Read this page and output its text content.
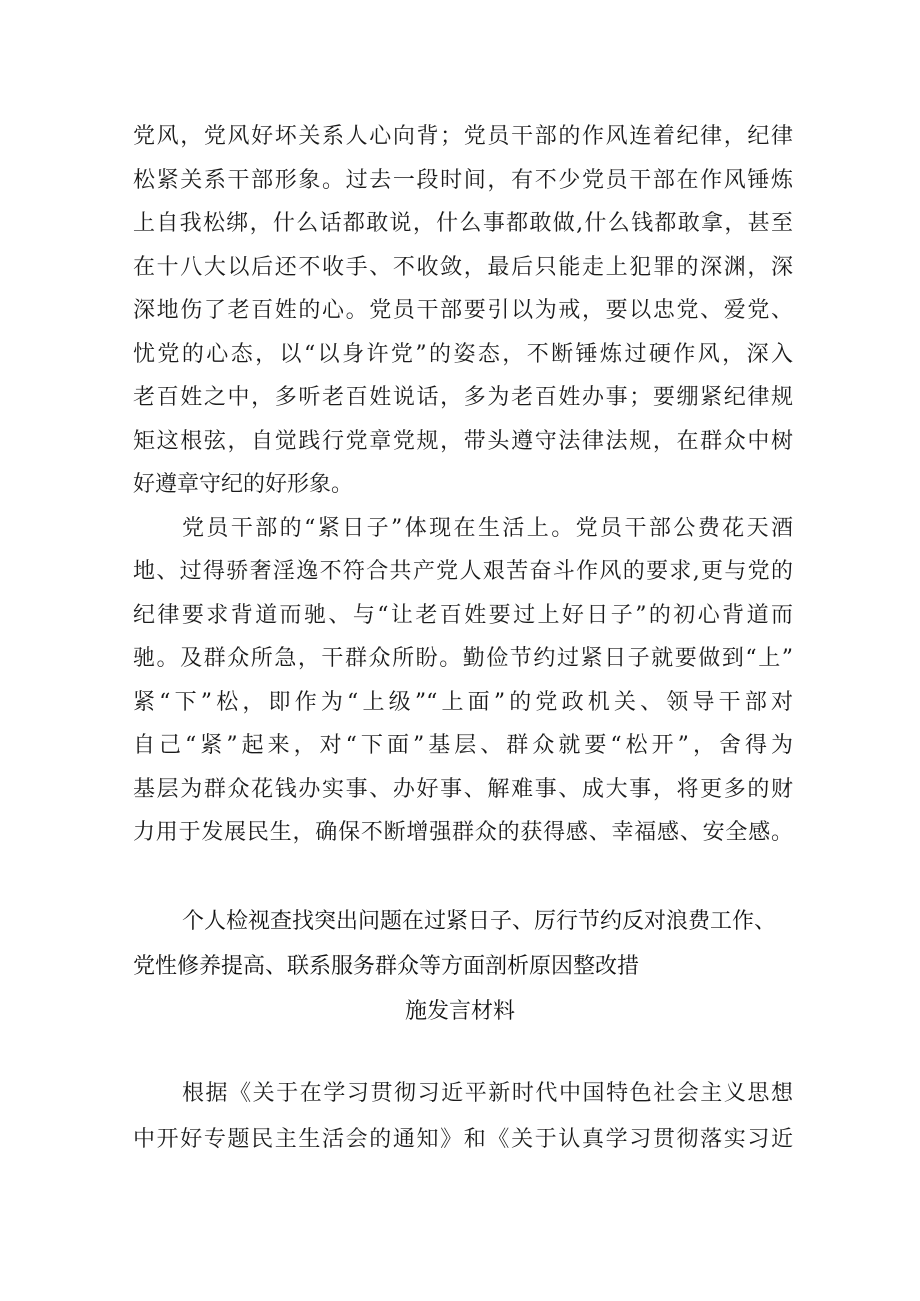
党风，党风好坏关系人心向背；党员干部的作风连着纪律，纪律

松紧关系干部形象。过去一段时间，有不少党员干部在作风锤炼

上自我松绑，什么话都敢说，什么事都敢做,什么钱都敢拿，甚至

在十八大以后还不收手、不收敛，最后只能走上犯罪的深渊，深

深地伤了老百姓的心。党员干部要引以为戒，要以忠党、爱党、

忧党的心态，以“以身许党”的姿态，不断锤炼过硬作风，深入

老百姓之中，多听老百姓说话，多为老百姓办事；要绷紧纪律规

矩这根弦，自觉践行党章党规，带头遵守法律法规，在群众中树

好遵章守纪的好形象。

党员干部的“紧日子”体现在生活上。党员干部公费花天酒

地、过得骄奢淫逸不符合共产党人艰苦奋斗作风的要求,更与党的

纪律要求背道而驰、与“让老百姓要过上好日子”的初心背道而

驰。及群众所急，干群众所盼。勤俭节约过紧日子就要做到“上”

紧“下”松，即作为“上级”“上面”的党政机关、领导干部对

自己“紧”起来，对“下面”基层、群众就要“松开”，舍得为

基层为群众花钱办实事、办好事、解难事、成大事，将更多的财

力用于发展民生，确保不断增强群众的获得感、幸福感、安全感。

个人检视查找突出问题在过紧日子、厉行节约反对浪费工作、

党性修养提高、联系服务群众等方面剖析原因整改措

施发言材料

根据《关于在学习贯彻习近平新时代中国特色社会主义思想

中开好专题民主生活会的通知》和《关于认真学习贯彻落实习近
